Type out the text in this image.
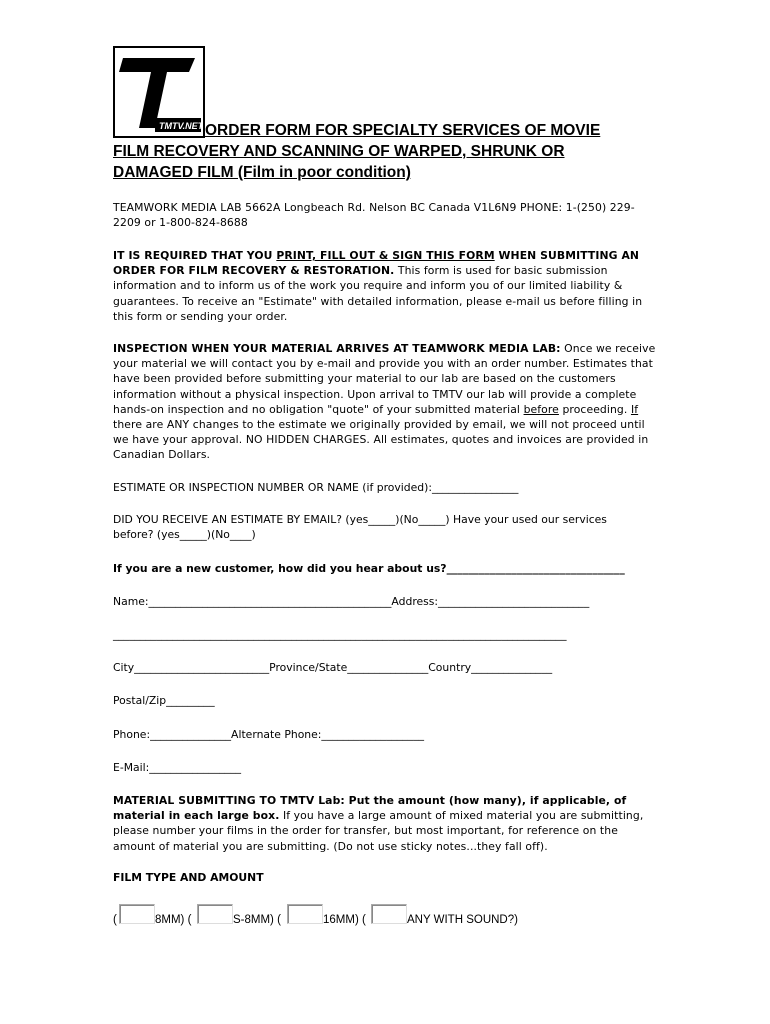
TMTV.NET ORDER FORM FOR SPECIALTY SERVICES OF MOVIE
FILM RECOVERY AND SCANNING OF WARPED, SHRUNK OR
DAMAGED FILM (Film in poor condition)
TEAMWORK MEDIA LAB 5662A Longbeach Rd. Nelson BC Canada V1L6N9 PHONE: 1-(250) 229-
2209 or 1-800-824-8688
IT IS REQUIRED THAT YOU PRINT, FILL OUT & SIGN THIS FORM WHEN SUBMITTING AN ORDER FOR FILM RECOVERY & RESTORATION. This form is used for basic submission information and to inform us of the work you require and inform you of our limited liability & guarantees. To receive an "Estimate" with detailed information, please e-mail us before filling in this form or sending your order.
INSPECTION WHEN YOUR MATERIAL ARRIVES AT TEAMWORK MEDIA LAB: Once we receive your material we will contact you by e-mail and provide you with an order number. Estimates that have been provided before submitting your material to our lab are based on the customers information without a physical inspection. Upon arrival to TMTV our lab will provide a complete hands-on inspection and no obligation "quote" of your submitted material before proceeding. If there are ANY changes to the estimate we originally provided by email, we will not proceed until we have your approval. NO HIDDEN CHARGES. All estimates, quotes and invoices are provided in Canadian Dollars.
ESTIMATE OR INSPECTION NUMBER OR NAME (if provided):________________
DID YOU RECEIVE AN ESTIMATE BY EMAIL? (yes_____)(No_____) Have your used our services
before? (yes_____)(No____)
If you are a new customer, how did you hear about us?_________________________________
Name:_____________________________________________Address:____________________________
____________________________________________________________________________________
City_________________________Province/State_______________Country_______________
Postal/Zip_________
Phone:_______________Alternate Phone:___________________
E-Mail:_________________
MATERIAL SUBMITTING TO TMTV Lab: Put the amount (how many), if applicable, of material in each large box. If you have a large amount of mixed material you are submitting, please number your films in the order for transfer, but most important, for reference on the amount of material you are submitting. (Do not use sticky notes...they fall off).
FILM TYPE AND AMOUNT
(	8MM) (	S-8MM) (	16MM) (	ANY WITH SOUND?)
